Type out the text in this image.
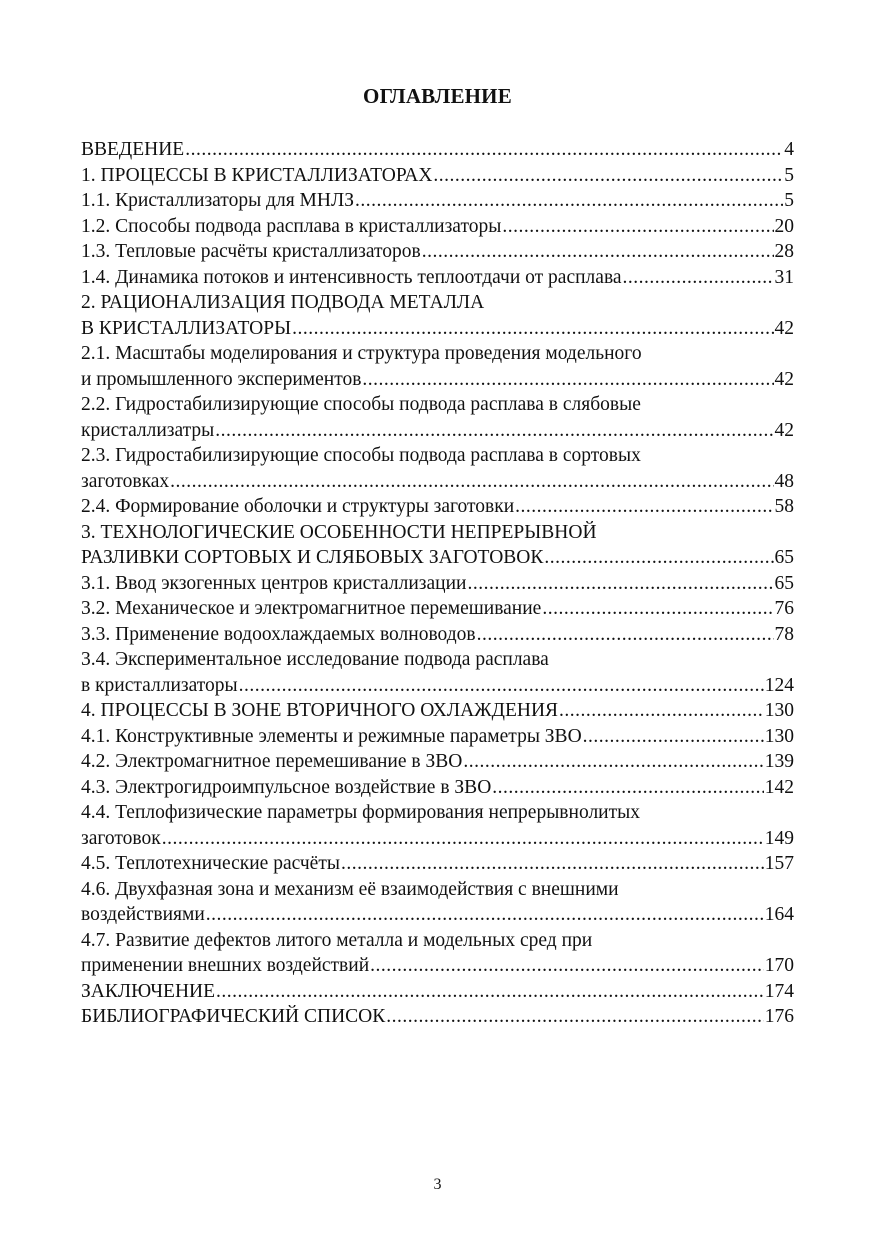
ОГЛАВЛЕНИЕ
ВВЕДЕНИЕ .....	4
1. ПРОЦЕССЫ В КРИСТАЛЛИЗАТОРАХ .....	5
1.1. Кристаллизаторы для МНЛЗ .....	5
1.2. Способы подвода расплава в кристаллизаторы .....	20
1.3. Тепловые расчёты кристаллизаторов .....	28
1.4. Динамика потоков и интенсивность теплоотдачи от расплава .....	31
2. РАЦИОНАЛИЗАЦИЯ ПОДВОДА МЕТАЛЛА
В КРИСТАЛЛИЗАТОРЫ .....	42
2.1. Масштабы моделирования и структура проведения модельного
и промышленного экспериментов .....	42
2.2. Гидростабилизирующие способы подвода расплава в слябовые
кристаллизатры .....	42
2.3. Гидростабилизирующие способы подвода расплава в сортовых
заготовках .....	48
2.4. Формирование оболочки и структуры заготовки .....	58
3. ТЕХНОЛОГИЧЕСКИЕ ОСОБЕННОСТИ НЕПРЕРЫВНОЙ
РАЗЛИВКИ СОРТОВЫХ И СЛЯБОВЫХ ЗАГОТОВОК .....	65
3.1. Ввод экзогенных центров кристаллизации .....	65
3.2. Механическое и электромагнитное перемешивание .....	76
3.3. Применение водоохлаждаемых волноводов .....	78
3.4. Экспериментальное исследование подвода расплава
в кристаллизаторы .....	124
4. ПРОЦЕССЫ В ЗОНЕ ВТОРИЧНОГО ОХЛАЖДЕНИЯ .....	130
4.1. Конструктивные элементы и режимные параметры ЗВО .....	130
4.2. Электромагнитное перемешивание в ЗВО .....	139
4.3. Электрогидроимпульсное воздействие в ЗВО .....	142
4.4. Теплофизические параметры формирования непрерывнолитых
заготовок .....	149
4.5. Теплотехнические расчёты .....	157
4.6. Двухфазная зона и механизм её взаимодействия с внешними
воздействиями .....	164
4.7. Развитие дефектов литого металла и модельных сред при
применении внешних воздействий .....	170
ЗАКЛЮЧЕНИЕ .....	174
БИБЛИОГРАФИЧЕСКИЙ СПИСОК .....	176
3
